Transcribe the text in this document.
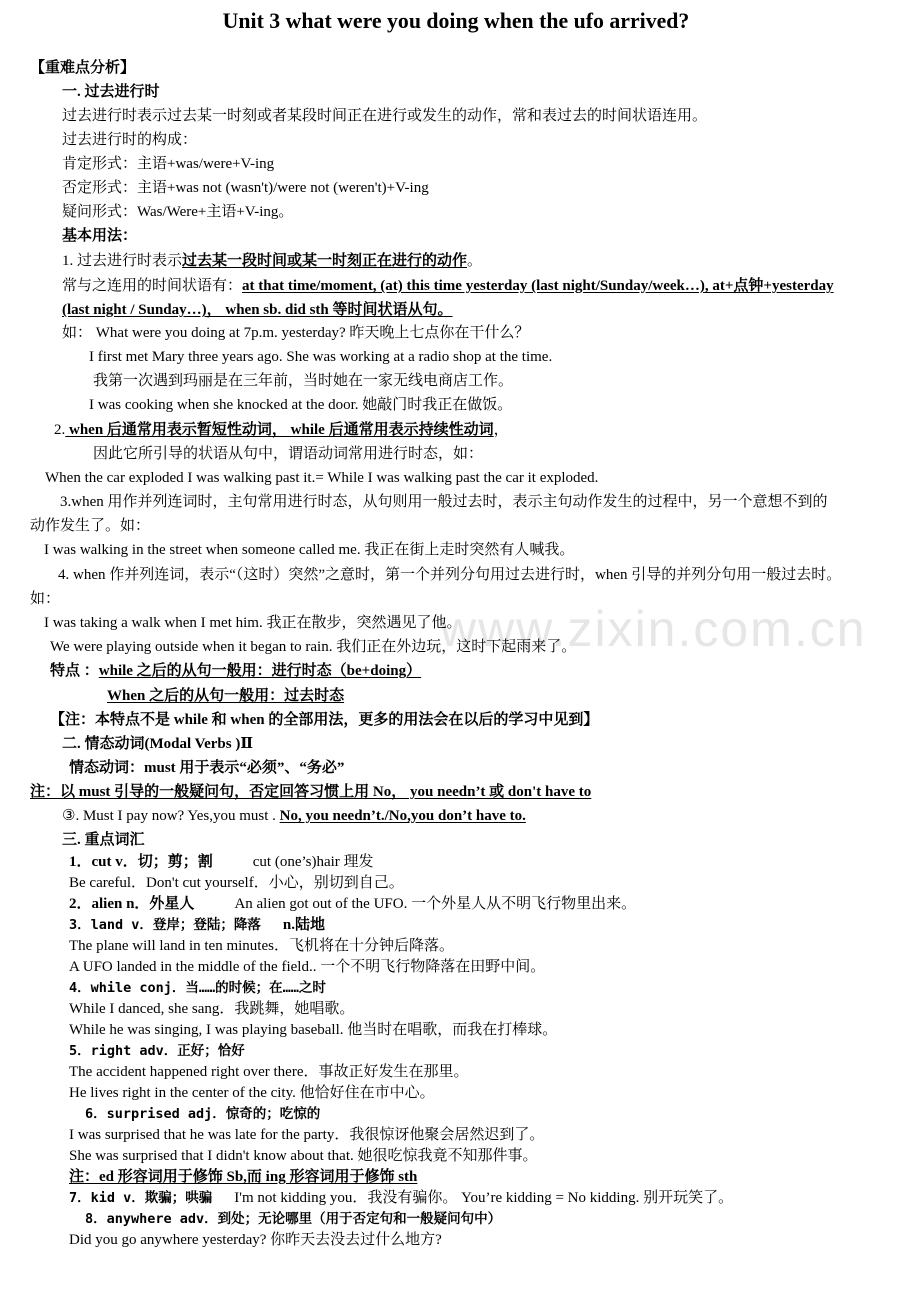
www.zixin.com.cn
Unit 3 what were you doing when the ufo arrived?
【重难点分析】
一. 过去进行时
过去进行时表示过去某一时刻或者某段时间正在进行或发生的动作，常和表过去的时间状语连用。
过去进行时的构成：
肯定形式：主语+was/were+V-ing
否定形式：主语+was not (wasn't)/were not (weren't)+V-ing
疑问形式：Was/Were+主语+V-ing。
基本用法：
1. 过去进行时表示过去某一段时间或某一时刻正在进行的动作。
常与之连用的时间状语有：at that time/moment, (at) this time yesterday (last night/Sunday/week…), at+点钟+yesterday
(last night / Sunday…)， when sb. did sth 等时间状语从句。
如： What were you doing at 7p.m. yesterday? 昨天晚上七点你在干什么？
I first met Mary three years ago. She was working at a radio shop at the time.
我第一次遇到玛丽是在三年前，当时她在一家无线电商店工作。
I was cooking when she knocked at the door. 她敲门时我正在做饭。
2. when 后通常用表示暂短性动词， while 后通常用表示持续性动词，
因此它所引导的状语从句中，谓语动词常用进行时态，如：
When the car exploded I was walking past it.= While I was walking past the car it exploded.
3.when 用作并列连词时，主句常用进行时态，从句则用一般过去时，表示主句动作发生的过程中，另一个意想不到的
动作发生了。如：
I was walking in the street when someone called me. 我正在街上走时突然有人喊我。
4. when 作并列连词，表示“（这时）突然”之意时，第一个并列分句用过去进行时，when 引导的并列分句用一般过去时。
如：
I was taking a walk when I met him. 我正在散步，突然遇见了他。
We were playing outside when it began to rain. 我们正在外边玩，这时下起雨来了。
特点 ：while 之后的从句一般用：进行时态（be+doing）
When 之后的从句一般用：过去时态
【注：本特点不是 while 和 when 的全部用法，更多的用法会在以后的学习中见到】
二. 情态动词(Modal Verbs )Ⅱ
情态动词：must 用于表示“必须”、“务必”
注：以 must 引导的一般疑问句，否定回答习惯上用 No， you needn’t 或 don't have to
③. Must I pay now? Yes,you must . No, you needn’t./No,you don’t have to.
三. 重点词汇
1．cut v．切；剪；割	cut (one’s)hair 理发
Be careful．Don't cut yourself．小心，别切到自己。
2．alien n．外星人	An alien got out of the UFO. 一个外星人从不明飞行物里出来。
3．land v．登岸；登陆；降落 n.陆地
The plane will land in ten minutes．飞机将在十分钟后降落。
A UFO landed in the middle of the field.. 一个不明飞行物降落在田野中间。
4．while conj．当……的时候；在……之时
While I danced, she sang．我跳舞，她唱歌。
While he was singing, I was playing baseball. 他当时在唱歌，而我在打棒球。
5．right adv．正好；恰好
The accident happened right over there．事故正好发生在那里。
He lives right in the center of the city. 他恰好住在市中心。
6．surprised adj．惊奇的；吃惊的
I was surprised that he was late for the party．我很惊讶他聚会居然迟到了。
She was surprised that I didn't know about that. 她很吃惊我竟不知那件事。
注：ed 形容词用于修饰 Sb,而 ing 形容词用于修饰 sth
7．kid v．欺骗；哄骗 I'm not kidding you．我没有骗你。 You’re kidding = No kidding. 别开玩笑了。
8．anywhere adv．到处；无论哪里（用于否定句和一般疑问句中）
Did you go anywhere yesterday? 你昨天去没去过什么地方?
